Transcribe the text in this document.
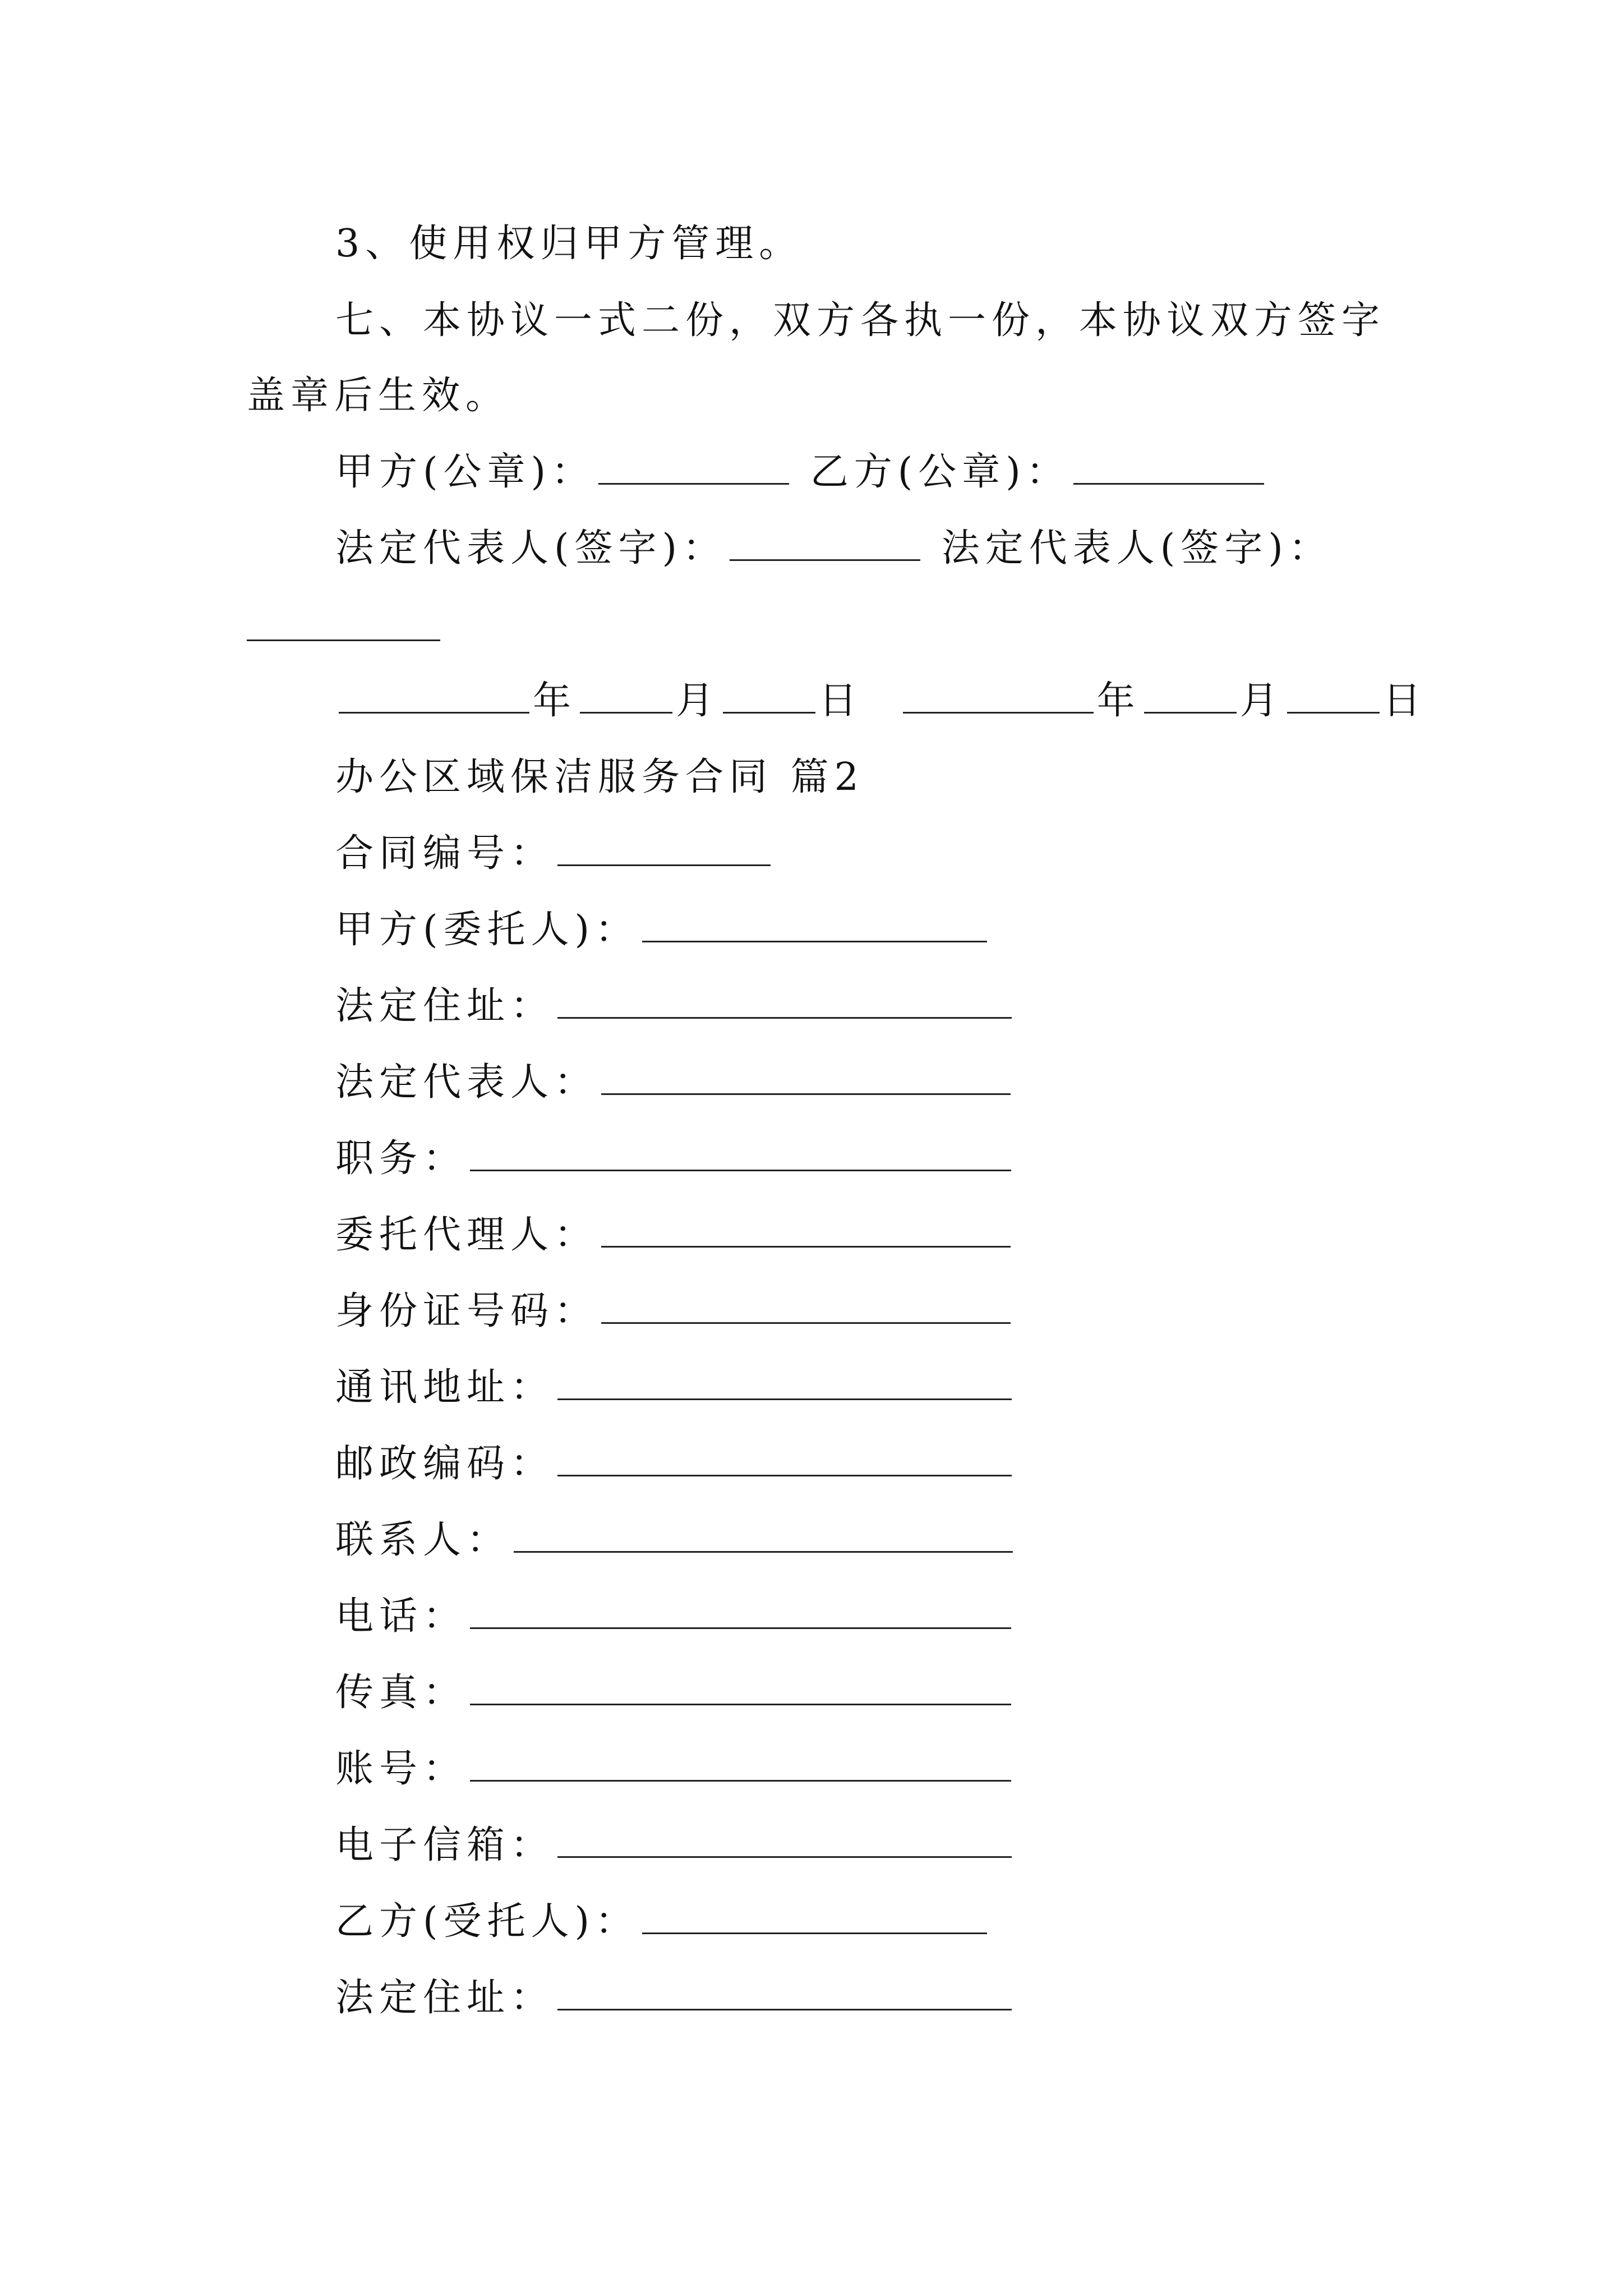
3、使用权归甲方管理。
七、本协议一式二份，双方各执一份，本协议双方签字
盖章后生效。
甲方(公章)：	乙方(公章)：
法定代表人(签字)：	法定代表人(签字)：
年	月	日	年	月	日
办公区域保洁服务合同 篇2
合同编号：
甲方(委托人)：
法定住址：
法定代表人：
职务：
委托代理人：
身份证号码：
通讯地址：
邮政编码：
联系人：
电话：
传真：
账号：
电子信箱：
乙方(受托人)：
法定住址：
